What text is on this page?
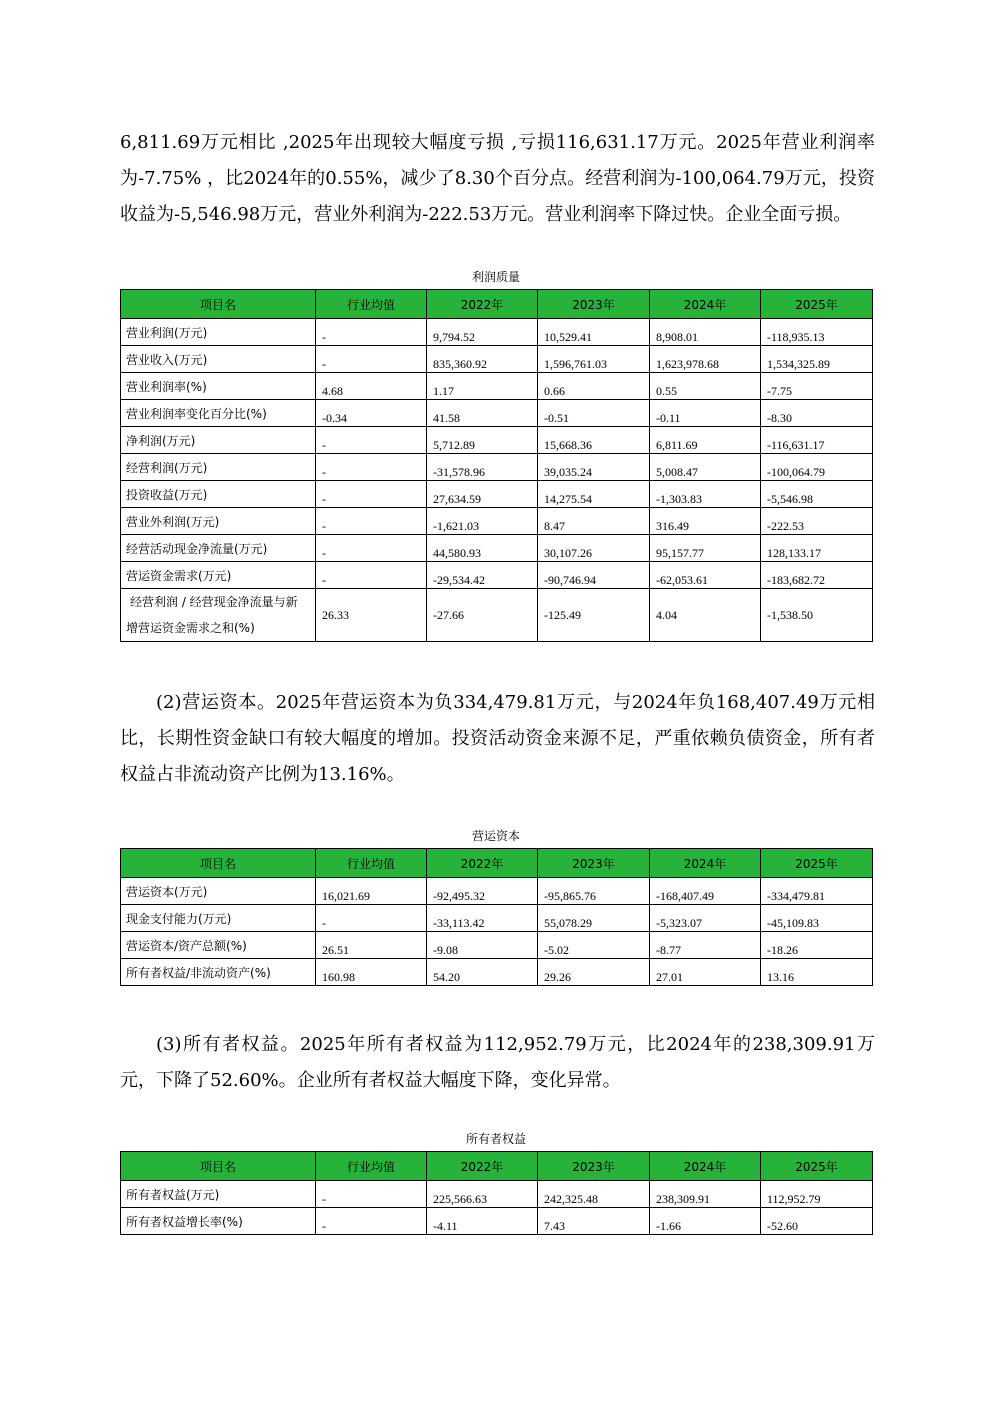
6,811.69万元相比 ,2025年出现较大幅度亏损 ,亏损116,631.17万元。2025年营业利润率为-7.75% ，比2024年的0.55%，减少了8.30个百分点。经营利润为-100,064.79万元，投资收益为-5,546.98万元，营业外利润为-222.53万元。营业利润率下降过快。企业全面亏损。

利润质量
项目名	行业均值	2022年	2023年	2024年	2025年
营业利润(万元)	-	9,794.52	10,529.41	8,908.01	-118,935.13
营业收入(万元)	-	835,360.92	1,596,761.03	1,623,978.68	1,534,325.89
营业利润率(%)	4.68	1.17	0.66	0.55	-7.75
营业利润率变化百分比(%)	-0.34	41.58	-0.51	-0.11	-8.30
净利润(万元)	-	5,712.89	15,668.36	6,811.69	-116,631.17
经营利润(万元)	-	-31,578.96	39,035.24	5,008.47	-100,064.79
投资收益(万元)	-	27,634.59	14,275.54	-1,303.83	-5,546.98
营业外利润(万元)	-	-1,621.03	8.47	316.49	-222.53
经营活动现金净流量(万元)	-	44,580.93	30,107.26	95,157.77	128,133.17
营运资金需求(万元)	-	-29,534.42	-90,746.94	-62,053.61	-183,682.72

经营利润 / 经营现金净流量与新
增营运资金需求之和(%)	26.33	-27.66	-125.49	4.04	-1,538.50

(2)营运资本。2025年营运资本为负334,479.81万元，与2024年负168,407.49万元相比，长期性资金缺口有较大幅度的增加。投资活动资金来源不足，严重依赖负债资金，所有者权益占非流动资产比例为13.16%。

营运资本
项目名	行业均值	2022年	2023年	2024年	2025年
营运资本(万元)	16,021.69	-92,495.32	-95,865.76	-168,407.49	-334,479.81
现金支付能力(万元)	-	-33,113.42	55,078.29	-5,323.07	-45,109.83
营运资本/资产总额(%)	26.51	-9.08	-5.02	-8.77	-18.26
所有者权益/非流动资产(%)	160.98	54.20	29.26	27.01	13.16

(3)所有者权益。2025年所有者权益为112,952.79万元，比2024年的238,309.91万元，下降了52.60%。企业所有者权益大幅度下降，变化异常。

所有者权益
项目名	行业均值	2022年	2023年	2024年	2025年
所有者权益(万元)	-	225,566.63	242,325.48	238,309.91	112,952.79
所有者权益增长率(%)	-	-4.11	7.43	-1.66	-52.60
